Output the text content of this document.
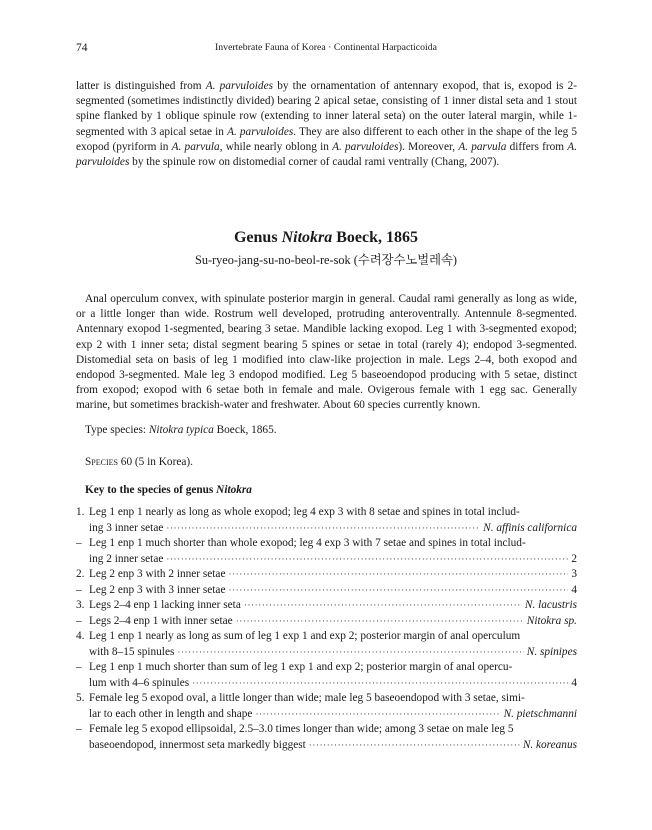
74	Invertebrate Fauna of Korea · Continental Harpacticoida

latter is distinguished from A. parvuloides by the ornamentation of antennary exopod, that is, exopod is 2-segmented (sometimes indistinctly divided) bearing 2 apical setae, consisting of 1 inner distal seta and 1 stout spine flanked by 1 oblique spinule row (extending to inner lateral seta) on the outer lateral margin, while 1-segmented with 3 apical setae in A. parvuloides. They are also different to each other in the shape of the leg 5 exopod (pyriform in A. parvula, while nearly oblong in A. parvuloides). Moreover, A. parvula differs from A. parvuloides by the spinule row on distomedial corner of caudal rami ventrally (Chang, 2007).

Genus Nitokra Boeck, 1865
Su-ryeo-jang-su-no-beol-re-sok (수려장수노벌레속)

Anal operculum convex, with spinulate posterior margin in general. Caudal rami generally as long as wide, or a little longer than wide. Rostrum well developed, protruding anteroventrally. Antennule 8-segmented. Antennary exopod 1-segmented, bearing 3 setae. Mandible lacking exopod. Leg 1 with 3-segmented exopod; exp 2 with 1 inner seta; distal segment bearing 5 spines or setae in total (rarely 4); endopod 3-segmented. Distomedial seta on basis of leg 1 modified into claw-like projection in male. Legs 2–4, both exopod and endopod 3-segmented. Male leg 3 endopod modified. Leg 5 baseoendopod producing with 5 setae, distinct from exopod; exopod with 6 setae both in female and male. Ovigerous female with 1 egg sac. Generally marine, but sometimes brackish-water and freshwater. About 60 species currently known.

Type species: Nitokra typica Boeck, 1865.
Species 60 (5 in Korea).
Key to the species of genus Nitokra
1. Leg 1 enp 1 nearly as long as whole exopod; leg 4 exp 3 with 8 setae and spines in total includ-
ing 3 inner setae ·····	N. affinis californica
– Leg 1 enp 1 much shorter than whole exopod; leg 4 exp 3 with 7 setae and spines in total includ-
ing 2 inner setae ·····	2
2. Leg 2 enp 3 with 2 inner setae ·····	3
– Leg 2 enp 3 with 3 inner setae ·····	4
3. Legs 2–4 enp 1 lacking inner seta ·····	N. lacustris
– Legs 2–4 enp 1 with inner setae ·····	Nitokra sp.
4. Leg 1 enp 1 nearly as long as sum of leg 1 exp 1 and exp 2; posterior margin of anal operculum
with 8–15 spinules ·····	N. spinipes
– Leg 1 enp 1 much shorter than sum of leg 1 exp 1 and exp 2; posterior margin of anal opercu-
lum with 4–6 spinules ·····	4
5. Female leg 5 exopod oval, a little longer than wide; male leg 5 baseoendopod with 3 setae, simi-
lar to each other in length and shape ·····	N. pietschmanni
– Female leg 5 exopod ellipsoidal, 2.5–3.0 times longer than wide; among 3 setae on male leg 5
baseoendopod, innermost seta markedly biggest ·····	N. koreanus
